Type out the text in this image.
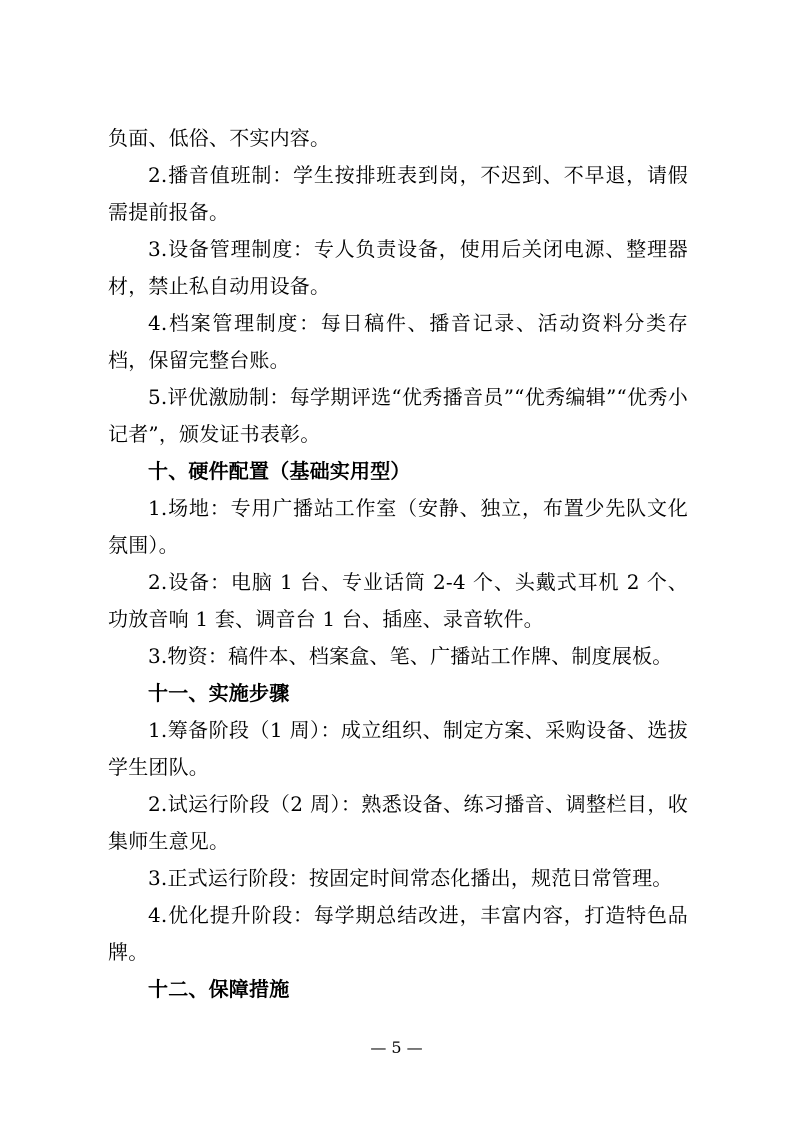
负面、低俗、不实内容。

2.播音值班制：学生按排班表到岗，不迟到、不早退，请假需提前报备。

3.设备管理制度：专人负责设备，使用后关闭电源、整理器材，禁止私自动用设备。

4.档案管理制度：每日稿件、播音记录、活动资料分类存档，保留完整台账。

5.评优激励制：每学期评选“优秀播音员”“优秀编辑”“优秀小记者”，颁发证书表彰。

十、硬件配置（基础实用型）

1.场地：专用广播站工作室（安静、独立，布置少先队文化氛围）。

2.设备：电脑 1 台、专业话筒 2-4 个、头戴式耳机 2 个、功放音响 1 套、调音台 1 台、插座、录音软件。

3.物资：稿件本、档案盒、笔、广播站工作牌、制度展板。

十一、实施步骤

1.筹备阶段（1 周）：成立组织、制定方案、采购设备、选拔学生团队。

2.试运行阶段（2 周）：熟悉设备、练习播音、调整栏目，收集师生意见。

3.正式运行阶段：按固定时间常态化播出，规范日常管理。

4.优化提升阶段：每学期总结改进，丰富内容，打造特色品牌。

十二、保障措施

— 5 —
